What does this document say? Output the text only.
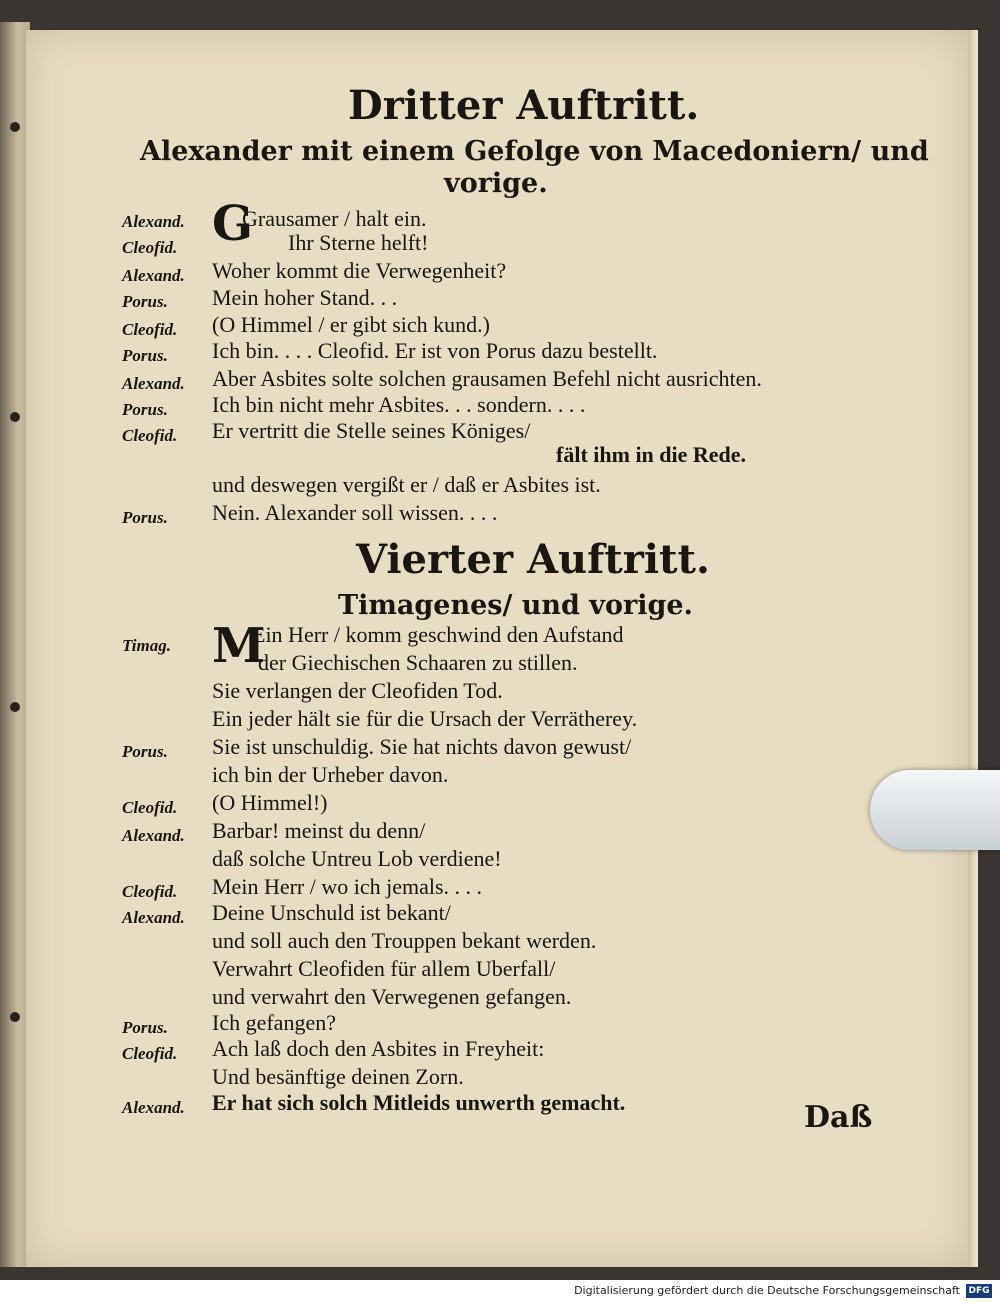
Dritter Auftritt.
Alexander mit einem Gefolge von Macedoniern/ und
vorige.
G
Alexand.	Grausamer / halt ein.
Cleofid.	Ihr Sterne helft!
Alexand. Woher kommt die Verwegenheit?
Porus. Mein hoher Stand. . .
Cleofid. (O Himmel / er gibt sich kund.)
Porus. Ich bin. . . . Cleofid. Er ist von Porus dazu bestellt.
Alexand. Aber Asbites solte solchen grausamen Befehl nicht ausrichten.
Porus. Ich bin nicht mehr Asbites. . . sondern. . . .
Cleofid. Er vertritt die Stelle seines Königes/
fält ihm in die Rede.
und deswegen vergißt er / daß er Asbites ist.
Porus. Nein. Alexander soll wissen. . . .
Vierter Auftritt.
Timagenes/ und vorige.
M
Timag.	Ein Herr / komm geschwind den Aufstand
der Giechischen Schaaren zu stillen.
Sie verlangen der Cleofiden Tod.
Ein jeder hält sie für die Ursach der Verrätherey.
Porus. Sie ist unschuldig. Sie hat nichts davon gewust/
ich bin der Urheber davon.
Cleofid. (O Himmel!)
Alexand. Barbar! meinst du denn/
daß solche Untreu Lob verdiene!
Cleofid. Mein Herr / wo ich jemals. . . .
Alexand. Deine Unschuld ist bekant/
und soll auch den Trouppen bekant werden.
Verwahrt Cleofiden für allem Uberfall/
und verwahrt den Verwegenen gefangen.
Porus. Ich gefangen?
Cleofid. Ach laß doch den Asbites in Freyheit:
Und besänftige deinen Zorn.
Alexand. Er hat sich solch Mitleids unwerth gemacht.	Daß
Digitalisierung gefördert durch die Deutsche Forschungsgemeinschaft DFG
